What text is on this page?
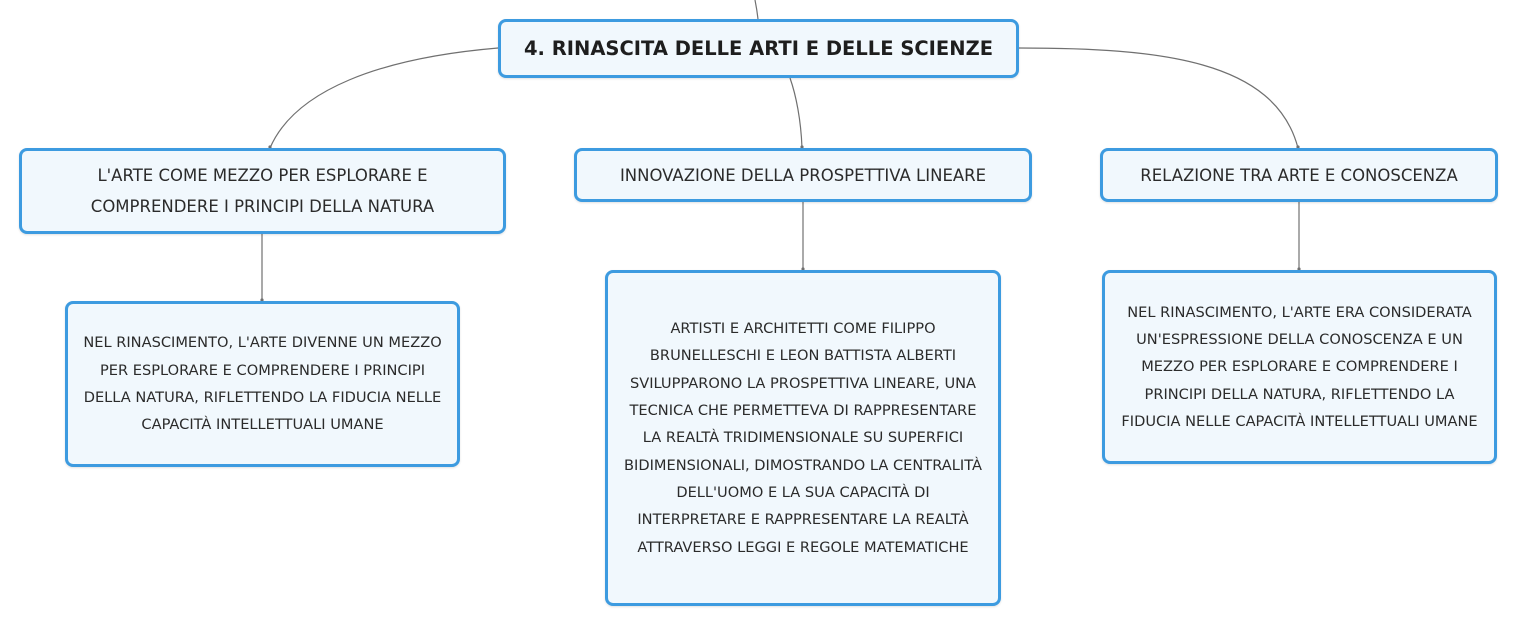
4. RINASCITA DELLE ARTI E DELLE SCIENZE
L'ARTE COME MEZZO PER ESPLORARE E COMPRENDERE I PRINCIPI DELLA NATURA
INNOVAZIONE DELLA PROSPETTIVA LINEARE	RELAZIONE TRA ARTE E CONOSCENZA
NEL RINASCIMENTO, L'ARTE DIVENNE UN MEZZO PER ESPLORARE E COMPRENDERE I PRINCIPI DELLA NATURA, RIFLETTENDO LA FIDUCIA NELLE CAPACITÀ INTELLETTUALI UMANE
ARTISTI E ARCHITETTI COME FILIPPO BRUNELLESCHI E LEON BATTISTA ALBERTI SVILUPPARONO LA PROSPETTIVA LINEARE, UNA TECNICA CHE PERMETTEVA DI RAPPRESENTARE LA REALTÀ TRIDIMENSIONALE SU SUPERFICI BIDIMENSIONALI, DIMOSTRANDO LA CENTRALITÀ DELL'UOMO E LA SUA CAPACITÀ DI INTERPRETARE E RAPPRESENTARE LA REALTÀ ATTRAVERSO LEGGI E REGOLE MATEMATICHE
NEL RINASCIMENTO, L'ARTE ERA CONSIDERATA UN'ESPRESSIONE DELLA CONOSCENZA E UN MEZZO PER ESPLORARE E COMPRENDERE I PRINCIPI DELLA NATURA, RIFLETTENDO LA FIDUCIA NELLE CAPACITÀ INTELLETTUALI UMANE
